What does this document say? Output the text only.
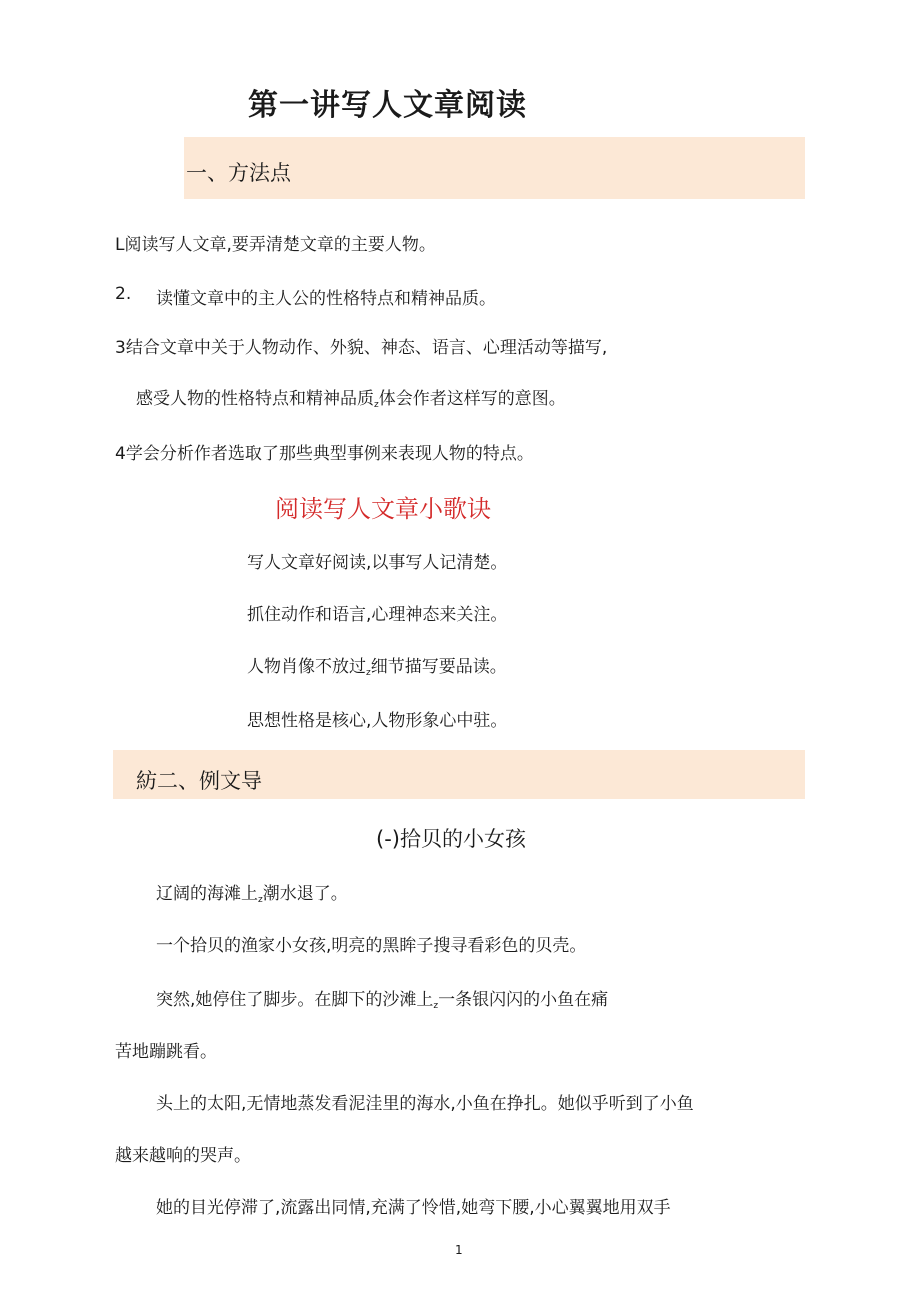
第一讲写人文章阅读
一、方法点
L阅读写人文章,要弄清楚文章的主要人物。
2. 读懂文章中的主人公的性格特点和精神品质。
3结合文章中关于人物动作、外貌、神态、语言、心理活动等描写,
感受人物的性格特点和精神品质$_z$体会作者这样写的意图。
4学会分析作者选取了那些典型事例来表现人物的特点。
阅读写人文章小歌诀
写人文章好阅读,以事写人记清楚。
抓住动作和语言,心理神态来关注。
人物肖像不放过$_z$细节描写要品读。
思想性格是核心,人物形象心中驻。
紡二、例文导
(-)拾贝的小女孩
辽阔的海滩上$_z$潮水退了。
一个拾贝的渔家小女孩,明亮的黑眸子搜寻看彩色的贝壳。
突然,她停住了脚步。在脚下的沙滩上$_z$一条银闪闪的小鱼在痛
苦地蹦跳看。
头上的太阳,无情地蒸发看泥洼里的海水,小鱼在挣扎。她似乎听到了小鱼
越来越响的哭声。
她的目光停滞了,流露出同情,充满了怜惜,她弯下腰,小心翼翼地用双手
1
